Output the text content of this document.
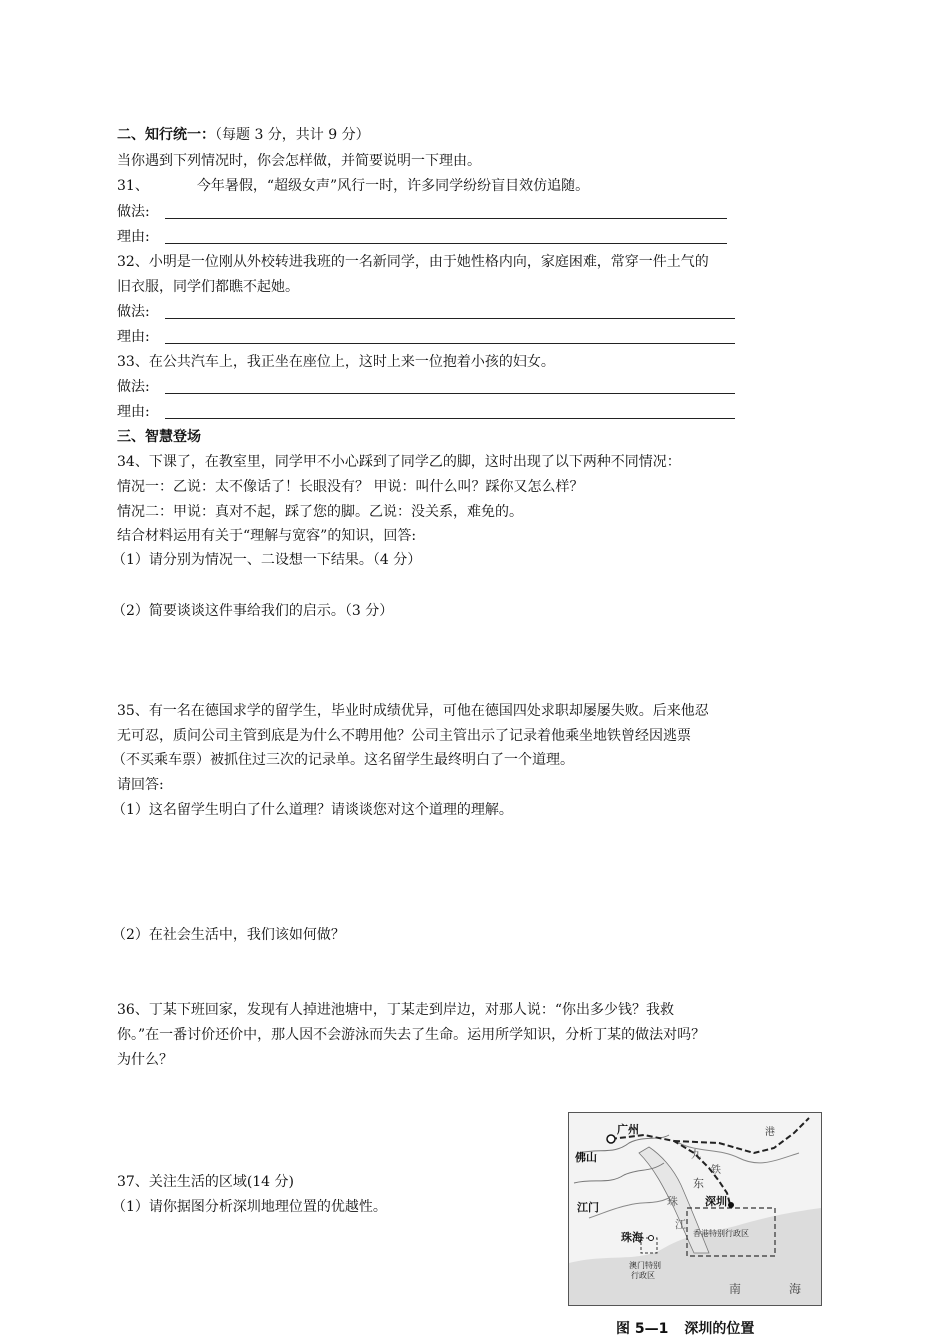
二、知行统一：（每题 3 分，共计 9 分）
当你遇到下列情况时，你会怎样做，并简要说明一下理由。
31、	今年暑假，“超级女声”风行一时，许多同学纷纷盲目效仿追随。
做法:
理由:
32、小明是一位刚从外校转进我班的一名新同学，由于她性格内向，家庭困难，常穿一件土气的
旧衣服，同学们都瞧不起她。
做法:
理由:
33、在公共汽车上，我正坐在座位上，这时上来一位抱着小孩的妇女。
做法:
理由:
三、智慧登场
34、下课了，在教室里，同学甲不小心踩到了同学乙的脚，这时出现了以下两种不同情况：
情况一：乙说：太不像话了！长眼没有？ 甲说：叫什么叫？踩你又怎么样？
情况二：甲说：真对不起，踩了您的脚。乙说：没关系，难免的。
结合材料运用有关于“理解与宽容”的知识，回答:
（1）请分别为情况一、二设想一下结果。（4 分）
（2）简要谈谈这件事给我们的启示。（3 分）
35、有一名在德国求学的留学生，毕业时成绩优异，可他在德国四处求职却屡屡失败。后来他忍
无可忍，质问公司主管到底是为什么不聘用他？公司主管出示了记录着他乘坐地铁曾经因逃票
（不买乘车票）被抓住过三次的记录单。这名留学生最终明白了一个道理。
请回答:
（1）这名留学生明白了什么道理？请谈谈您对这个道理的理解。
（2）在社会生活中，我们该如何做？
36、丁某下班回家，发现有人掉进池塘中，丁某走到岸边，对那人说：“你出多少钱？我救
你。”在一番讨价还价中，那人因不会游泳而失去了生命。运用所学知识，分析丁某的做法对吗？
为什么？
37、关注生活的区域(14 分)
（1）请你据图分析深圳地理位置的优越性。
广州
佛山
江门	深圳
珠海
东
九
铁
港
珠
江
香港特别行政区
澳门特别
行政区
南	海
图 5—1 深圳的位置
